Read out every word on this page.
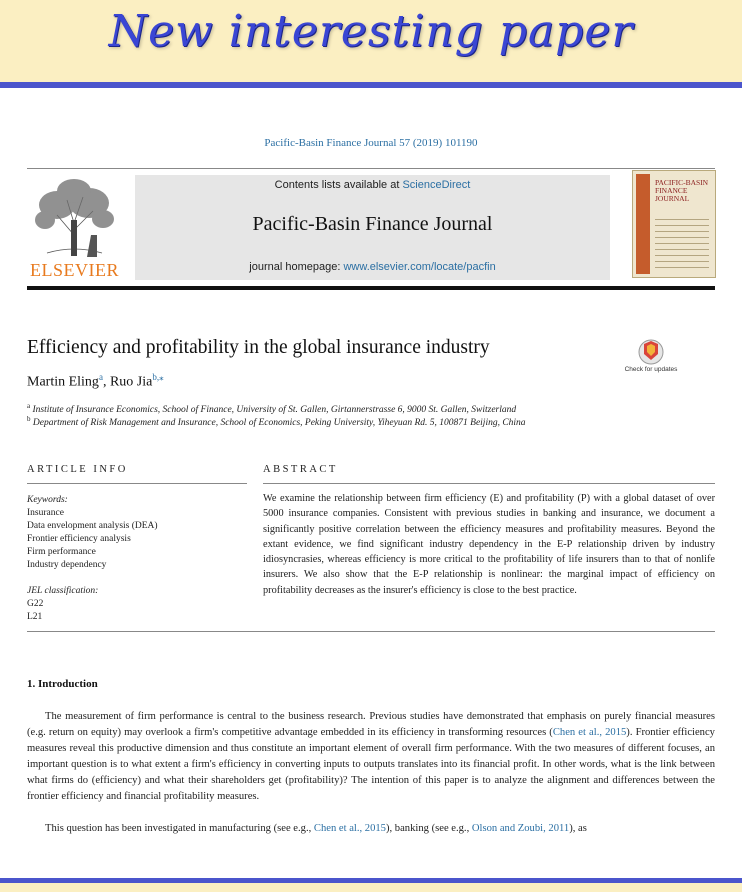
New interesting paper
Pacific-Basin Finance Journal 57 (2019) 101190
ELSEVIER
Contents lists available at ScienceDirect
Pacific-Basin Finance Journal
journal homepage: www.elsevier.com/locate/pacfin
PACIFIC-BASIN FINANCE JOURNAL
Efficiency and profitability in the global insurance industry
Check for updates
Martin Eling$^a$, Ruo Jia$^{b,⁎}$
$^a$ Institute of Insurance Economics, School of Finance, University of St. Gallen, Girtannerstrasse 6, 9000 St. Gallen, Switzerland
$^b$ Department of Risk Management and Insurance, School of Economics, Peking University, Yiheyuan Rd. 5, 100871 Beijing, China
ARTICLE INFO
Keywords:
Insurance
Data envelopment analysis (DEA)
Frontier efficiency analysis
Firm performance
Industry dependency
JEL classification:
G22
L21
ABSTRACT
We examine the relationship between firm efficiency (E) and profitability (P) with a global dataset of over 5000 insurance companies. Consistent with previous studies in banking and insurance, we document a significantly positive correlation between the efficiency measures and profitability measures. Beyond the extant evidence, we find significant industry dependency in the E-P relationship driven by industry idiosyncrasies, whereas efficiency is more critical to the profitability of life insurers than to that of nonlife insurers. We also show that the E-P relationship is nonlinear: the marginal impact of efficiency on profitability decreases as the insurer's efficiency is close to the best practice.
1. Introduction
The measurement of firm performance is central to the business research. Previous studies have demonstrated that emphasis on purely financial measures (e.g. return on equity) may overlook a firm's competitive advantage embedded in its efficiency in transforming resources (Chen et al., 2015). Frontier efficiency measures reveal this productive dimension and thus constitute an important element of overall firm performance. With the two measures of different focuses, an important question is to what extent a firm's efficiency in converting inputs to outputs translates into its financial profit. In other words, what is the link between what firms do (efficiency) and what their shareholders get (profitability)? The intention of this paper is to analyze the alignment and differences between the frontier efficiency and financial profitability measures.
This question has been investigated in manufacturing (see e.g., Chen et al., 2015), banking (see e.g., Olson and Zoubi, 2011), as
